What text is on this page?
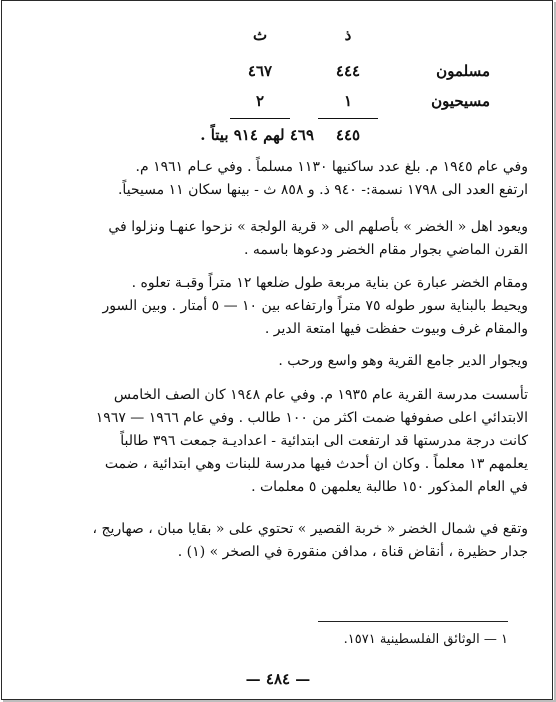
ذ
ث
مسلمون
٤٤٤
٤٦٧
مسيحيون
١
٢
٤٤٥
٤٦٩ لهم ٩١٤ بيتاً .
وفي عام ١٩٤٥ م. بلغ عدد ساكنيها ١١٣٠ مسلماً . وفي عـام ١٩٦١ م.
ارتفع العدد الى ١٧٩٨ نسمة:- ٩٤٠ ذ. و ٨٥٨ ث - بينها سكان ١١ مسيحياً.
ويعود اهل « الخضر » بأصلهم الى « قرية الولجة » نزحوا عنهـا ونزلوا في
القرن الماضي بجوار مقام الخضر ودعوها باسمه .
ومقام الخضر عبارة عن بناية مربعة طول ضلعها ١٢ متراً وقبـة تعلوه .
ويحيط بالبناية سور طوله ٧٥ متراً وارتفاعه بين ١٠ — ٥ أمتار . وبين السور
والمقام غرف وبيوت حفظت فيها امتعة الدير .
ويجوار الدير جامع القرية وهو واسع ورحب .
تأسست مدرسة القرية عام ١٩٣٥ م. وفي عام ١٩٤٨ كان الصف الخامس
الابتدائي اعلى صفوفها ضمت اكثر من ١٠٠ طالب . وفي عام ١٩٦٦ — ١٩٦٧
كانت درجة مدرستها قد ارتفعت الى ابتدائية - اعداديـة جمعت ٣٩٦ طالباً
يعلمهم ١٣ معلماً . وكان ان أحدث فيها مدرسة للبنات وهي ابتدائية ، ضمت
في العام المذكور ١٥٠ طالبة يعلمهن ٥ معلمات .
وتقع في شمال الخضر « خربة القصير » تحتوي على « بقايا مبان ، صهاريج ،
جدار حظيرة ، أنقاض قناة ، مدافن منقورة في الصخر » (١) .
١ — الوثائق الفلسطينية ١٥٧١.
— ٤٨٤ —
